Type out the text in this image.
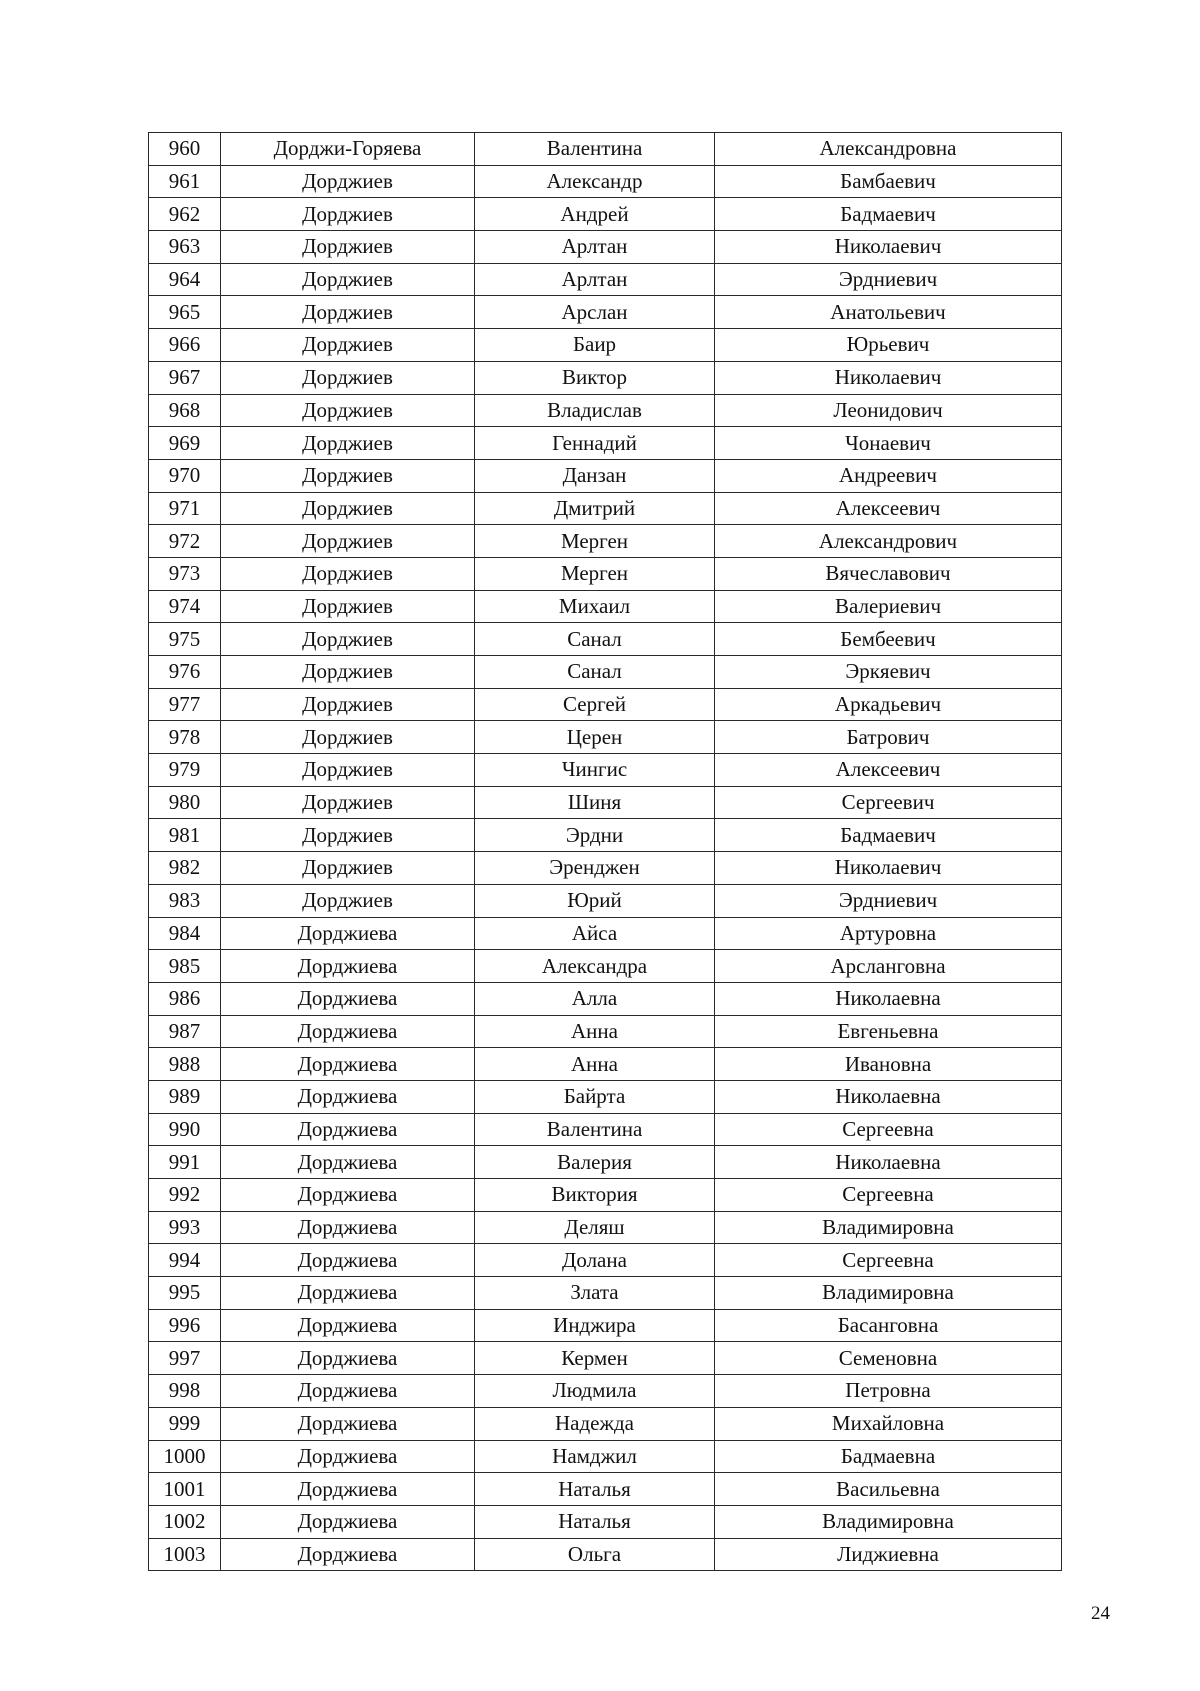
960	Дорджи-Горяева	Валентина	Александровна
961	Дорджиев	Александр	Бамбаевич
962	Дорджиев	Андрей	Бадмаевич
963	Дорджиев	Арлтан	Николаевич
964	Дорджиев	Арлтан	Эрдниевич
965	Дорджиев	Арслан	Анатольевич
966	Дорджиев	Баир	Юрьевич
967	Дорджиев	Виктор	Николаевич
968	Дорджиев	Владислав	Леонидович
969	Дорджиев	Геннадий	Чонаевич
970	Дорджиев	Данзан	Андреевич
971	Дорджиев	Дмитрий	Алексеевич
972	Дорджиев	Мерген	Александрович
973	Дорджиев	Мерген	Вячеславович
974	Дорджиев	Михаил	Валериевич
975	Дорджиев	Санал	Бембеевич
976	Дорджиев	Санал	Эркяевич
977	Дорджиев	Сергей	Аркадьевич
978	Дорджиев	Церен	Батрович
979	Дорджиев	Чингис	Алексеевич
980	Дорджиев	Шиня	Сергеевич
981	Дорджиев	Эрдни	Бадмаевич
982	Дорджиев	Эренджен	Николаевич
983	Дорджиев	Юрий	Эрдниевич
984	Дорджиева	Айса	Артуровна
985	Дорджиева	Александра	Арсланговна
986	Дорджиева	Алла	Николаевна
987	Дорджиева	Анна	Евгеньевна
988	Дорджиева	Анна	Ивановна
989	Дорджиева	Байрта	Николаевна
990	Дорджиева	Валентина	Сергеевна
991	Дорджиева	Валерия	Николаевна
992	Дорджиева	Виктория	Сергеевна
993	Дорджиева	Деляш	Владимировна
994	Дорджиева	Долана	Сергеевна
995	Дорджиева	Злата	Владимировна
996	Дорджиева	Инджира	Басанговна
997	Дорджиева	Кермен	Семеновна
998	Дорджиева	Людмила	Петровна
999	Дорджиева	Надежда	Михайловна
1000	Дорджиева	Намджил	Бадмаевна
1001	Дорджиева	Наталья	Васильевна
1002	Дорджиева	Наталья	Владимировна
1003	Дорджиева	Ольга	Лиджиевна
24
